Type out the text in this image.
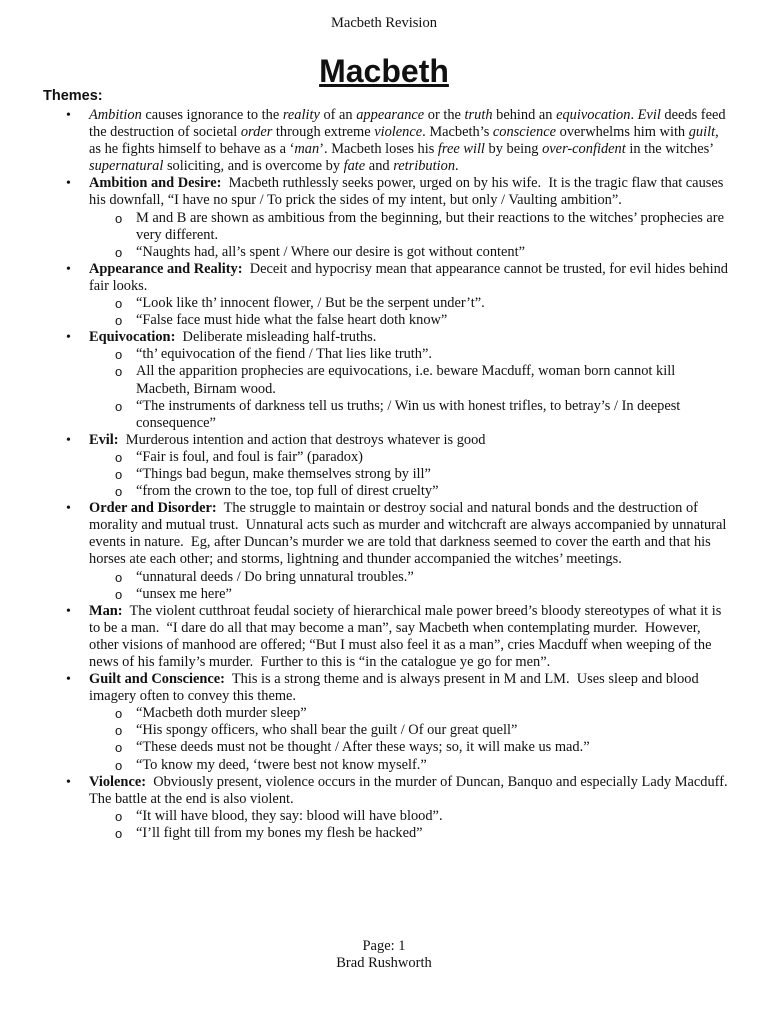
Macbeth Revision
Macbeth
Themes:
• Ambition causes ignorance to the reality of an appearance or the truth behind an equivocation. Evil deeds feed the destruction of societal order through extreme violence. Macbeth’s conscience overwhelms him with guilt, as he fights himself to behave as a ‘man’. Macbeth loses his free will by being over-confident in the witches’ supernatural soliciting, and is overcome by fate and retribution.
• Ambition and Desire:  Macbeth ruthlessly seeks power, urged on by his wife.  It is the tragic flaw that causes his downfall, “I have no spur / To prick the sides of my intent, but only / Vaulting ambition”.
o M and B are shown as ambitious from the beginning, but their reactions to the witches’ prophecies are very different.
o “Naughts had, all’s spent / Where our desire is got without content”
• Appearance and Reality:  Deceit and hypocrisy mean that appearance cannot be trusted, for evil hides behind fair looks.
o “Look like th’ innocent flower, / But be the serpent under’t”.
o “False face must hide what the false heart doth know”
• Equivocation:  Deliberate misleading half-truths.
o “th’ equivocation of the fiend / That lies like truth”.
o All the apparition prophecies are equivocations, i.e. beware Macduff, woman born cannot kill Macbeth, Birnam wood.
o “The instruments of darkness tell us truths; / Win us with honest trifles, to betray’s / In deepest consequence”
• Evil:  Murderous intention and action that destroys whatever is good
o “Fair is foul, and foul is fair” (paradox)
o “Things bad begun, make themselves strong by ill”
o “from the crown to the toe, top full of direst cruelty”
• Order and Disorder:  The struggle to maintain or destroy social and natural bonds and the destruction of morality and mutual trust.  Unnatural acts such as murder and witchcraft are always accompanied by unnatural events in nature.  Eg, after Duncan’s murder we are told that darkness seemed to cover the earth and that his horses ate each other; and storms, lightning and thunder accompanied the witches’ meetings.
o “unnatural deeds / Do bring unnatural troubles.”
o “unsex me here”
• Man:  The violent cutthroat feudal society of hierarchical male power breed’s bloody stereotypes of what it is to be a man.  “I dare do all that may become a man”, say Macbeth when contemplating murder.  However, other visions of manhood are offered; “But I must also feel it as a man”, cries Macduff when weeping of the news of his family’s murder.  Further to this is “in the catalogue ye go for men”.
• Guilt and Conscience:  This is a strong theme and is always present in M and LM.  Uses sleep and blood imagery often to convey this theme.
o “Macbeth doth murder sleep”
o “His spongy officers, who shall bear the guilt / Of our great quell”
o “These deeds must not be thought / After these ways; so, it will make us mad.”
o “To know my deed, ‘twere best not know myself.”
• Violence:  Obviously present, violence occurs in the murder of Duncan, Banquo and especially Lady Macduff.  The battle at the end is also violent.
o “It will have blood, they say: blood will have blood”.
o “I’ll fight till from my bones my flesh be hacked”
Page: 1
Brad Rushworth
